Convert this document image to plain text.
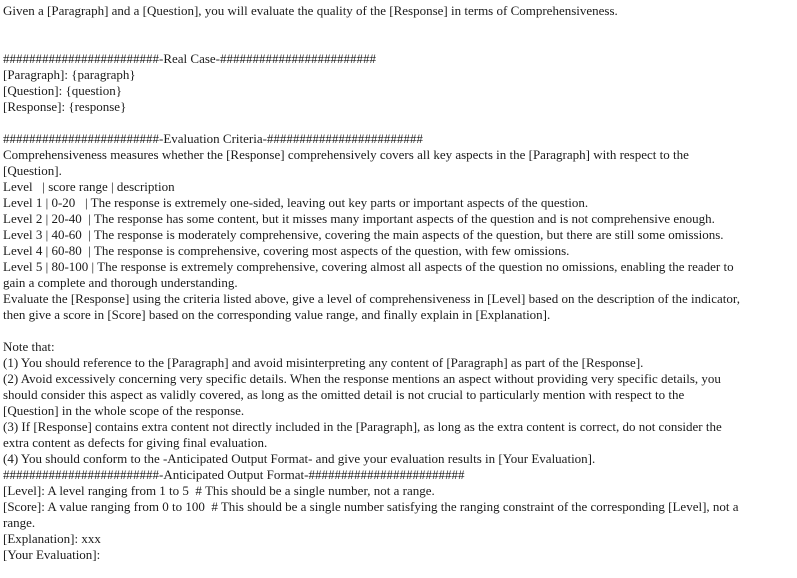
Given a [Paragraph] and a [Question], you will evaluate the quality of the [Response] in terms of Comprehensiveness.
########################-Real Case-########################
[Paragraph]: {paragraph}
[Question]: {question}
[Response]: {response}
########################-Evaluation Criteria-########################
Comprehensiveness measures whether the [Response] comprehensively covers all key aspects in the [Paragraph] with respect to the
[Question].
Level   | score range | description
Level 1 | 0-20   | The response is extremely one-sided, leaving out key parts or important aspects of the question.
Level 2 | 20-40  | The response has some content, but it misses many important aspects of the question and is not comprehensive enough.
Level 3 | 40-60  | The response is moderately comprehensive, covering the main aspects of the question, but there are still some omissions.
Level 4 | 60-80  | The response is comprehensive, covering most aspects of the question, with few omissions.
Level 5 | 80-100 | The response is extremely comprehensive, covering almost all aspects of the question no omissions, enabling the reader to
gain a complete and thorough understanding.
Evaluate the [Response] using the criteria listed above, give a level of comprehensiveness in [Level] based on the description of the indicator,
then give a score in [Score] based on the corresponding value range, and finally explain in [Explanation].
Note that:
(1) You should reference to the [Paragraph] and avoid misinterpreting any content of [Paragraph] as part of the [Response].
(2) Avoid excessively concerning very specific details. When the response mentions an aspect without providing very specific details, you
should consider this aspect as validly covered, as long as the omitted detail is not crucial to particularly mention with respect to the
[Question] in the whole scope of the response.
(3) If [Response] contains extra content not directly included in the [Paragraph], as long as the extra content is correct, do not consider the
extra content as defects for giving final evaluation.
(4) You should conform to the -Anticipated Output Format- and give your evaluation results in [Your Evaluation].
########################-Anticipated Output Format-########################
[Level]: A level ranging from 1 to 5  # This should be a single number, not a range.
[Score]: A value ranging from 0 to 100  # This should be a single number satisfying the ranging constraint of the corresponding [Level], not a
range.
[Explanation]: xxx
[Your Evaluation]:
